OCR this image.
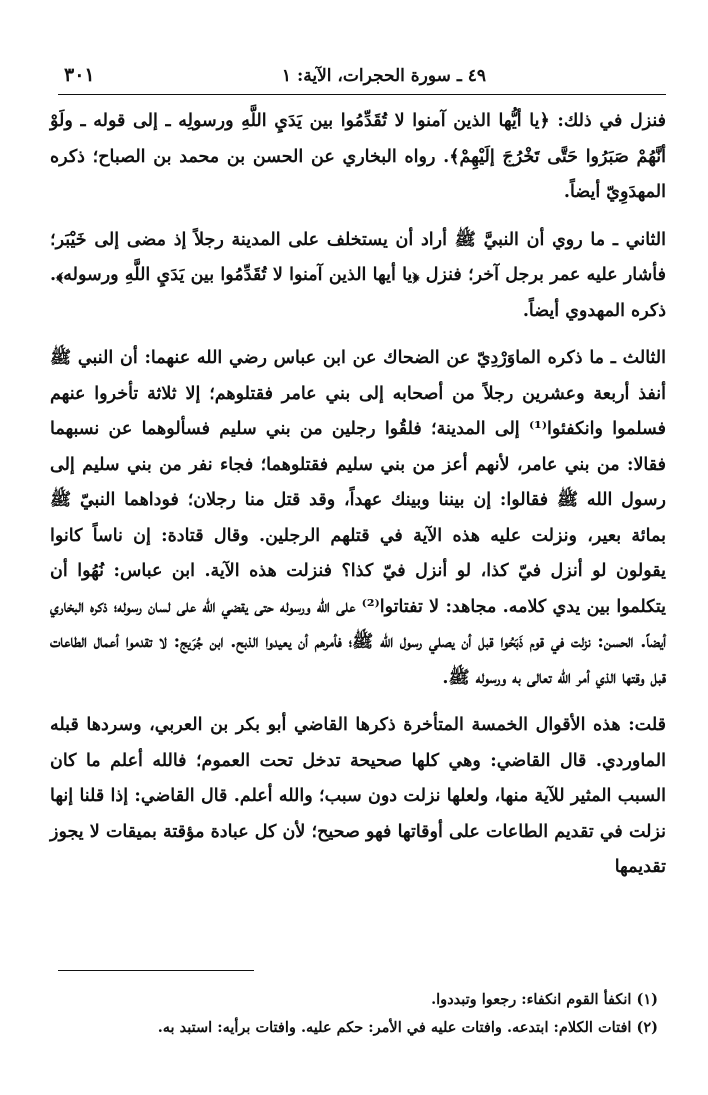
٤٩ ـ سورة الحجرات، الآية: ١
٣٠١

فنزل في ذلك: ﴿يا أيُّها الذين آمنوا لا تُقَدِّمُوا بين يَدَيِ اللَّهِ ورسولِه ـ إلى قوله ـ ولَوْ أنَّهُمْ صَبَرُوا حَتَّى تَخْرُجَ إلَيْهِمْ﴾. رواه البخاري عن الحسن بن محمد بن الصباح؛ ذكره المهدَوِيّ أيضاً.

الثاني ـ ما روي أن النبيَّ ﷺ أراد أن يستخلف على المدينة رجلاً إذ مضى إلى خَيْبَر؛ فأشار عليه عمر برجل آخر؛ فنزل ﴿يا أيها الذين آمنوا لا تُقَدِّمُوا بين يَدَيِ اللَّهِ ورسوله﴾. ذكره المهدوي أيضاً.

الثالث ـ ما ذكره الماوَرْدِيّ عن الضحاك عن ابن عباس رضي الله عنهما: أن النبي ﷺ أنفذ أربعة وعشرين رجلاً من أصحابه إلى بني عامر فقتلوهم؛ إلا ثلاثة تأخروا عنهم فسلموا وانكفئوا⁽¹⁾ إلى المدينة؛ فلقُوا رجلين من بني سليم فسألوهما عن نسبهما فقالا: من بني عامر، لأنهم أعز من بني سليم فقتلوهما؛ فجاء نفر من بني سليم إلى رسول الله ﷺ فقالوا: إن بيننا وبينك عهداً، وقد قتل منا رجلان؛ فوداهما النبيّ ﷺ بمائة بعير، ونزلت عليه هذه الآية في قتلهم الرجلين. وقال قتادة: إن ناساً كانوا يقولون لو أنزل فيّ كذا، لو أنزل فيّ كذا؟ فنزلت هذه الآية. ابن عباس: نُهُوا أن يتكلموا بين يدي كلامه. مجاهد: لا تفتاتوا⁽²⁾ على الله ورسوله حتى يقضي الله على لسان رسوله؛ ذكره البخاري أيضاً. الحسن: نزلت في قوم ذَبَحُوا قبل أن يصلي رسول الله ﷺ؛ فأمرهم أن يعيدوا الذبح. ابن جُرَيج: لا تقدموا أعمال الطاعات قبل وقتها الذي أمر الله تعالى به ورسوله ﷺ.

قلت: هذه الأقوال الخمسة المتأخرة ذكرها القاضي أبو بكر بن العربي، وسردها قبله الماوردي. قال القاضي: وهي كلها صحيحة تدخل تحت العموم؛ فالله أعلم ما كان السبب المثير للآية منها، ولعلها نزلت دون سبب؛ والله أعلم. قال القاضي: إذا قلنا إنها نزلت في تقديم الطاعات على أوقاتها فهو صحيح؛ لأن كل عبادة مؤقتة بميقات لا يجوز تقديمها

(١) انكفأ القوم انكفاء: رجعوا وتبددوا.

(٢) افتات الكلام: ابتدعه. وافتات عليه في الأمر: حكم عليه. وافتات برأيه: استبد به.
